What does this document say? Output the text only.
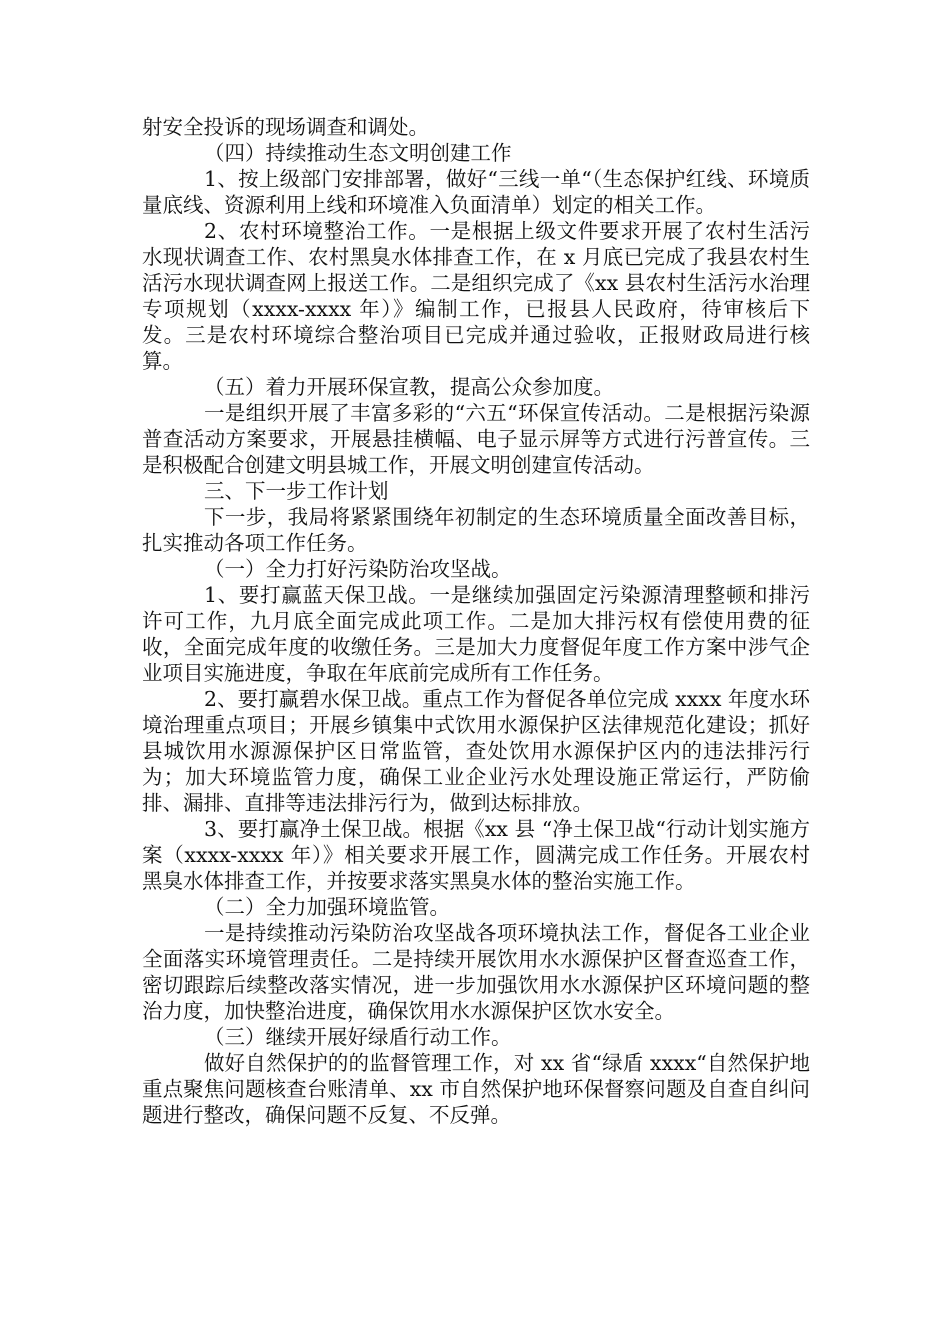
射安全投诉的现场调查和调处。

（四）持续推动生态文明创建工作

1、按上级部门安排部署，做好“三线一单“（生态保护红线、环境质量底线、资源利用上线和环境准入负面清单）划定的相关工作。

2、农村环境整治工作。一是根据上级文件要求开展了农村生活污水现状调查工作、农村黑臭水体排查工作，在 x 月底已完成了我县农村生活污水现状调查网上报送工作。二是组织完成了《xx 县农村生活污水治理专项规划（xxxx-xxxx 年）》编制工作，已报县人民政府，待审核后下发。三是农村环境综合整治项目已完成并通过验收，正报财政局进行核算。

（五）着力开展环保宣教，提高公众参加度。

一是组织开展了丰富多彩的“六五“环保宣传活动。二是根据污染源普查活动方案要求，开展悬挂横幅、电子显示屏等方式进行污普宣传。三是积极配合创建文明县城工作，开展文明创建宣传活动。

三、下一步工作计划

下一步，我局将紧紧围绕年初制定的生态环境质量全面改善目标，扎实推动各项工作任务。

（一）全力打好污染防治攻坚战。

1、要打赢蓝天保卫战。一是继续加强固定污染源清理整顿和排污许可工作，九月底全面完成此项工作。二是加大排污权有偿使用费的征收，全面完成年度的收缴任务。三是加大力度督促年度工作方案中涉气企业项目实施进度，争取在年底前完成所有工作任务。

2、要打赢碧水保卫战。重点工作为督促各单位完成 xxxx 年度水环境治理重点项目；开展乡镇集中式饮用水源保护区法律规范化建设；抓好县城饮用水源源保护区日常监管，查处饮用水源保护区内的违法排污行为；加大环境监管力度，确保工业企业污水处理设施正常运行，严防偷排、漏排、直排等违法排污行为，做到达标排放。

3、要打赢净土保卫战。根据《xx 县 “净土保卫战“行动计划实施方案（xxxx-xxxx 年）》相关要求开展工作，圆满完成工作任务。开展农村黑臭水体排查工作，并按要求落实黑臭水体的整治实施工作。

（二）全力加强环境监管。

一是持续推动污染防治攻坚战各项环境执法工作，督促各工业企业全面落实环境管理责任。二是持续开展饮用水水源保护区督查巡查工作，密切跟踪后续整改落实情况，进一步加强饮用水水源保护区环境问题的整治力度，加快整治进度，确保饮用水水源保护区饮水安全。

（三）继续开展好绿盾行动工作。

做好自然保护的的监督管理工作，对 xx 省“绿盾 xxxx“自然保护地重点聚焦问题核查台账清单、xx 市自然保护地环保督察问题及自查自纠问题进行整改，确保问题不反复、不反弹。
